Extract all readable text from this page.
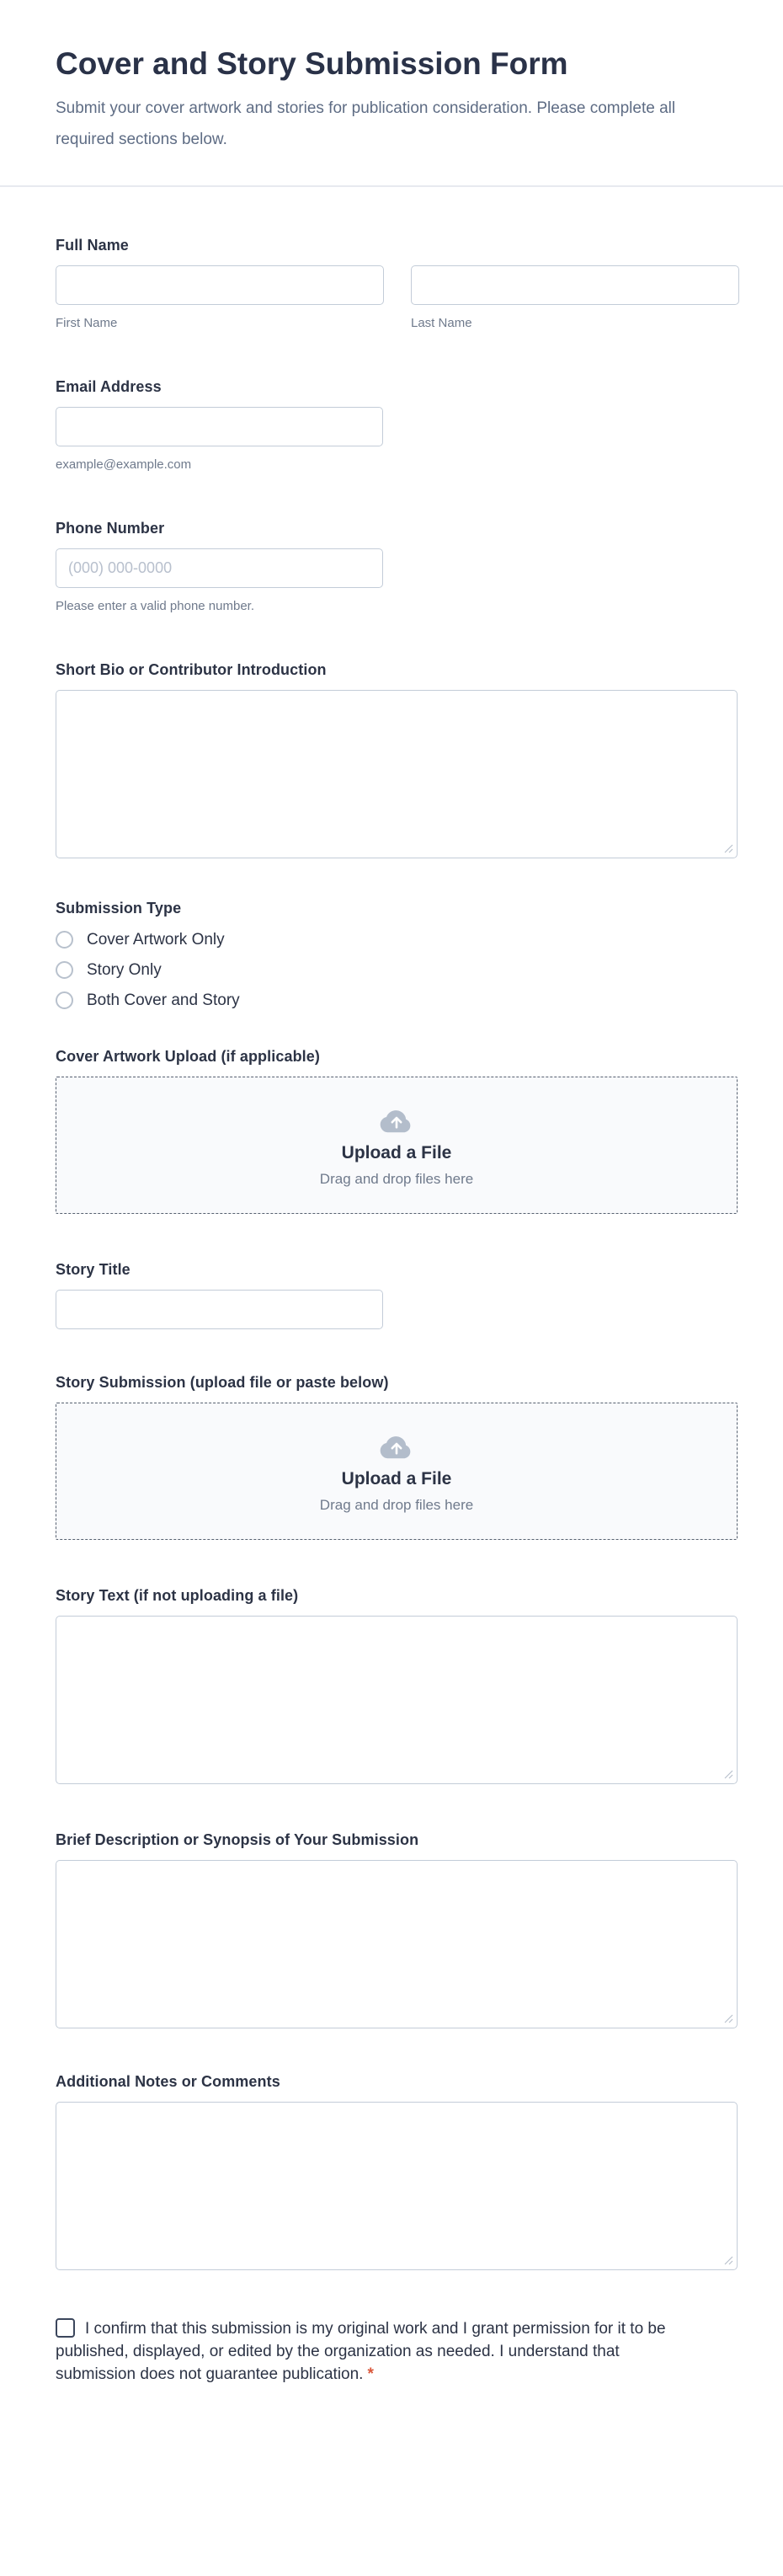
Cover and Story Submission Form
Submit your cover artwork and stories for publication consideration. Please complete all required sections below.
Full Name
First Name	Last Name
Email Address
example@example.com
Phone Number
(000) 000-0000
Please enter a valid phone number.
Short Bio or Contributor Introduction
Submission Type
Cover Artwork Only
Story Only
Both Cover and Story
Cover Artwork Upload (if applicable)
Upload a File
Drag and drop files here
Story Title
Story Submission (upload file or paste below)
Upload a File
Drag and drop files here
Story Text (if not uploading a file)
Brief Description or Synopsis of Your Submission
Additional Notes or Comments
I confirm that this submission is my original work and I grant permission for it to be published, displayed, or edited by the organization as needed. I understand that submission does not guarantee publication. *
